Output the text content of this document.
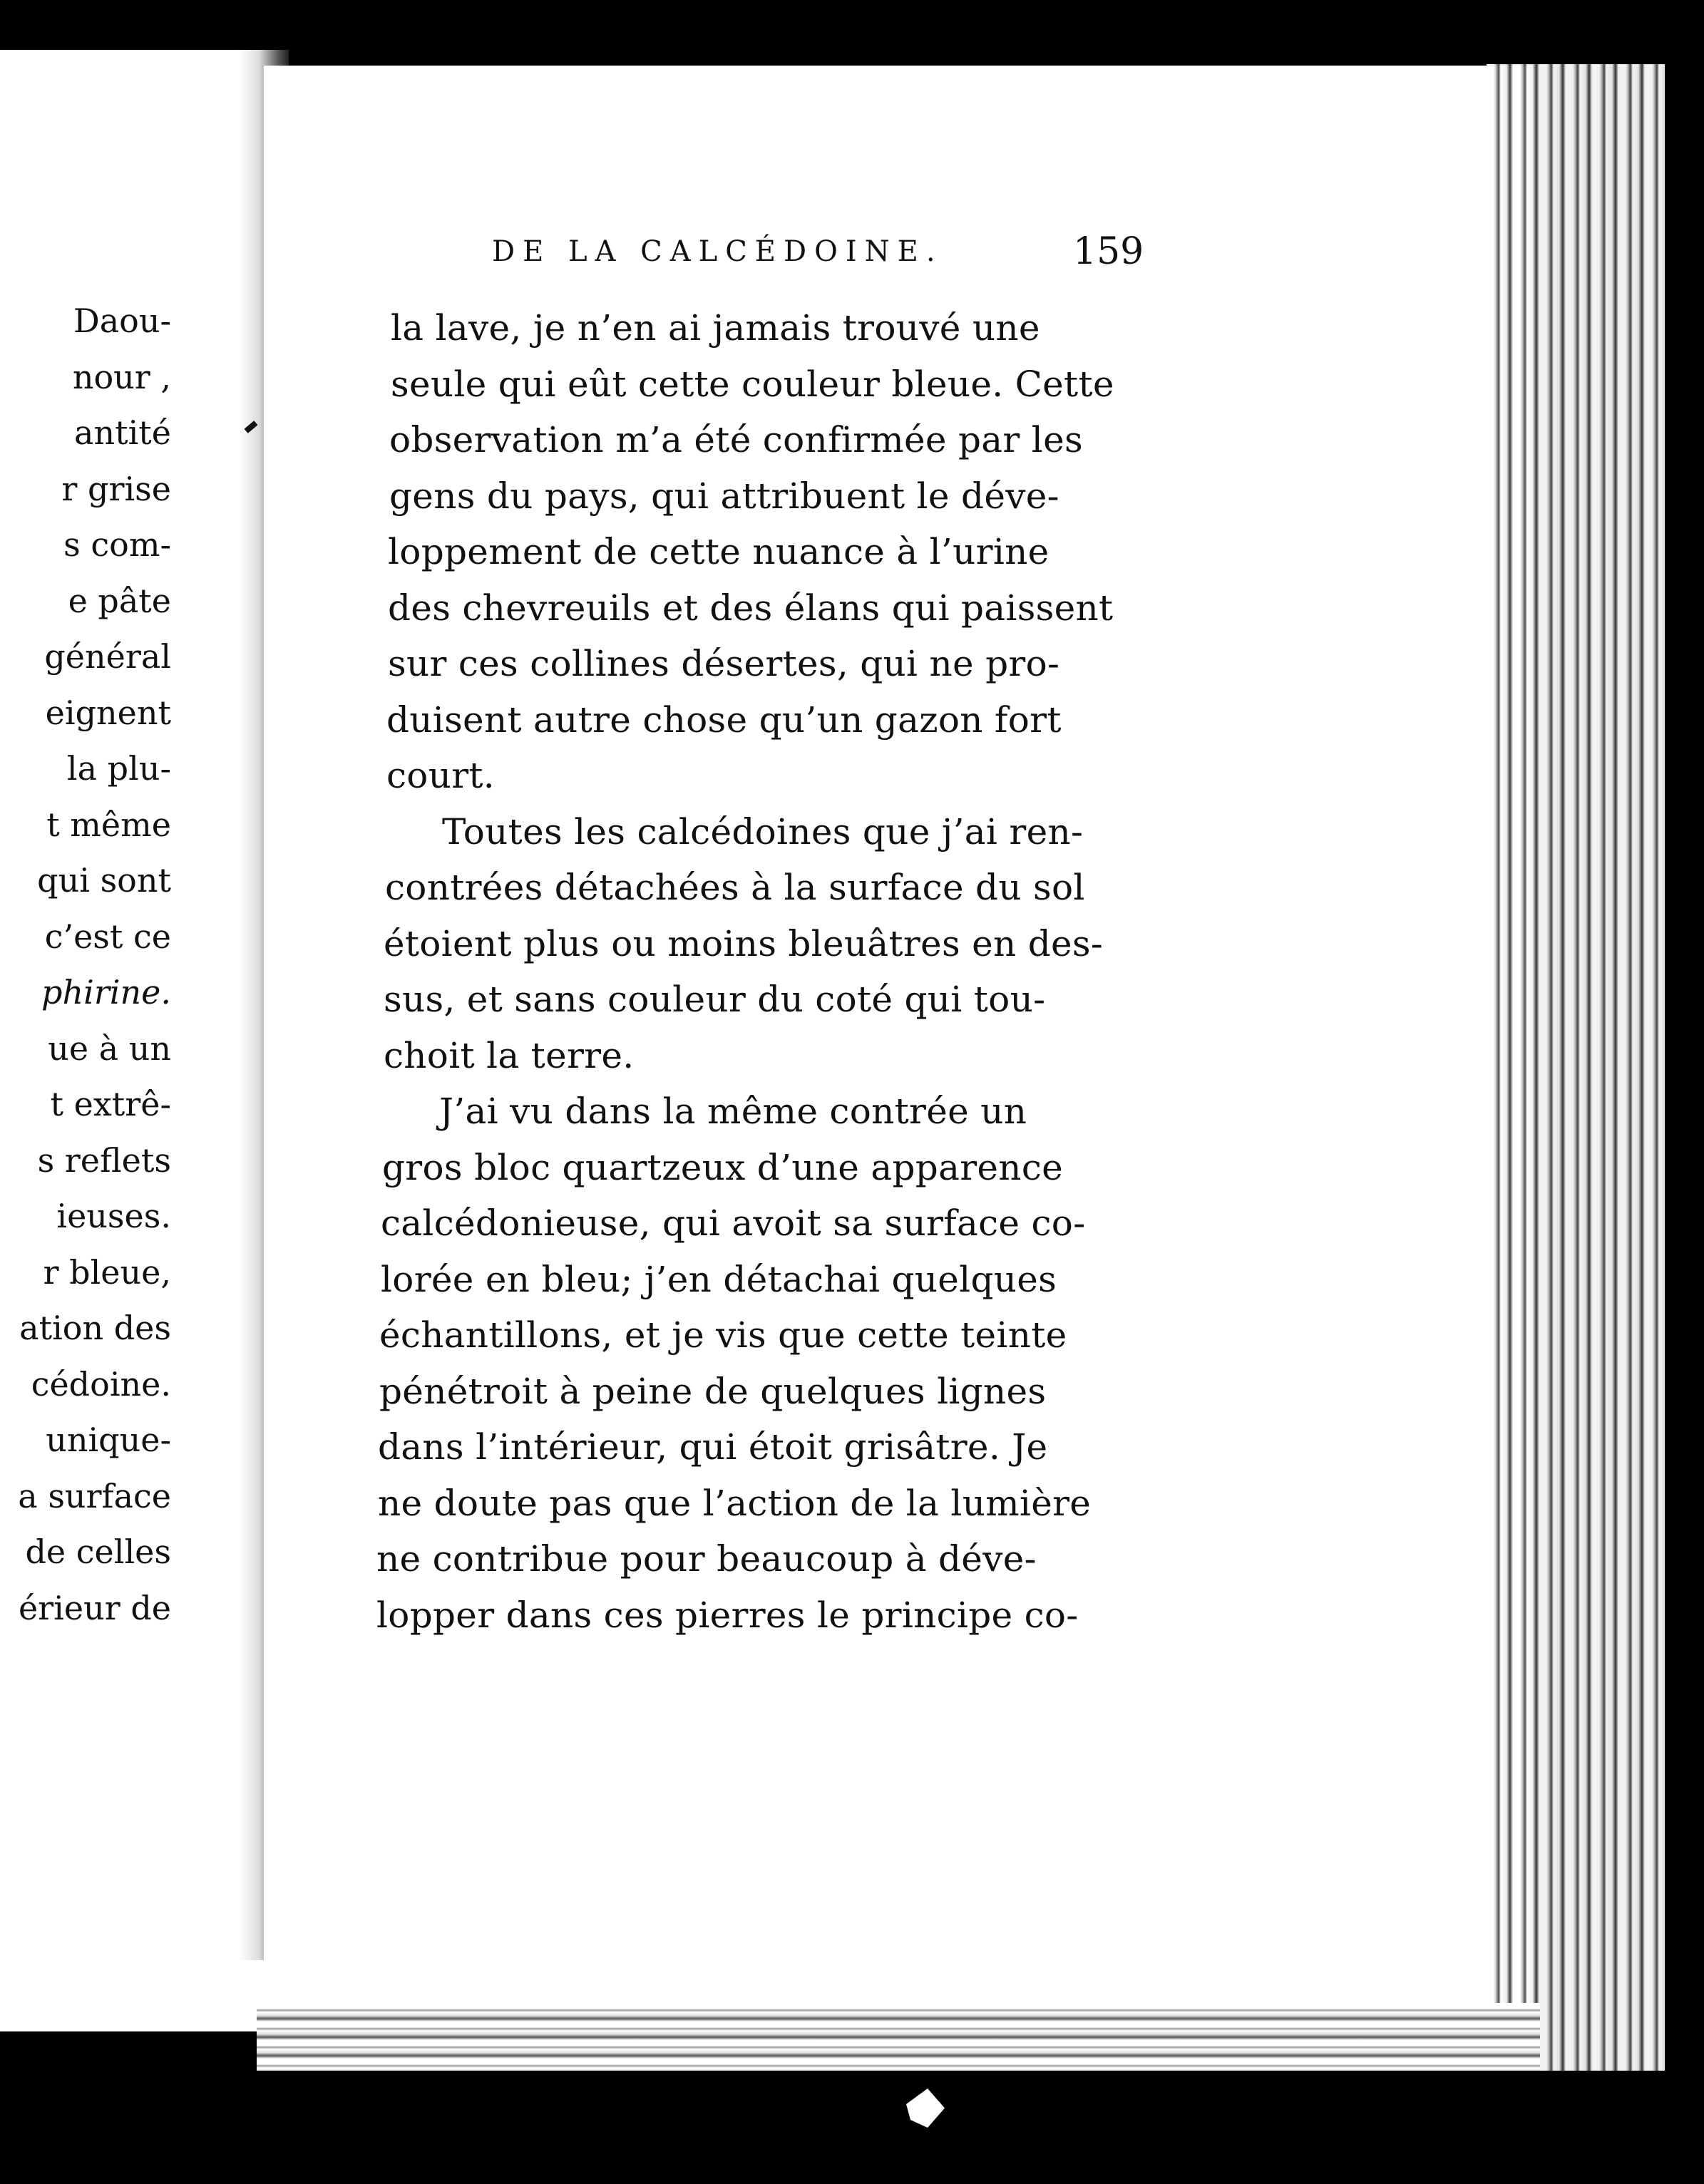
DE LA CALCÉDOINE.	159
la lave, je n’en ai jamais trouvé une
seule qui eût cette couleur bleue. Cette
observation m’a été confirmée par les
gens du pays, qui attribuent le déve-
loppement de cette nuance à l’urine
des chevreuils et des élans qui paissent
sur ces collines désertes, qui ne pro-
duisent autre chose qu’un gazon fort
court.
Toutes les calcédoines que j’ai ren-
contrées détachées à la surface du sol
étoient plus ou moins bleuâtres en des-
sus, et sans couleur du coté qui tou-
choit la terre.
J’ai vu dans la même contrée un
gros bloc quartzeux d’une apparence
calcédonieuse, qui avoit sa surface co-
lorée en bleu; j’en détachai quelques
échantillons, et je vis que cette teinte
pénétroit à peine de quelques lignes
dans l’intérieur, qui étoit grisâtre. Je
ne doute pas que l’action de la lumière
ne contribue pour beaucoup à déve-
lopper dans ces pierres le principe co-
Daou-
nour ,
antité
r grise
s com-
e pâte
général
eignent
la plu-
t même
qui sont
c’est ce
phirine.
ue à un
t extrê-
s reflets
ieuses.
r bleue,
ation des
cédoine.
unique-
a surface
de celles
érieur de
